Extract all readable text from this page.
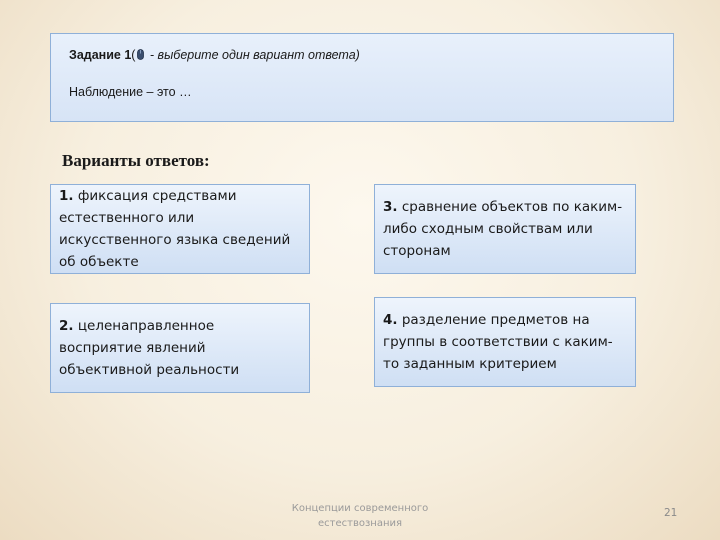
Задание 1( - выберите один вариант ответа)
Наблюдение – это …
Варианты ответов:
1. фиксация средствами естественного или искусственного языка сведений об объекте
3. сравнение объектов по каким-либо сходным свойствам или сторонам
2. целенаправленное восприятие явлений объективной реальности
4. разделение предметов на группы в соответствии с каким-то заданным критерием
Концепции современного естествознания
21
